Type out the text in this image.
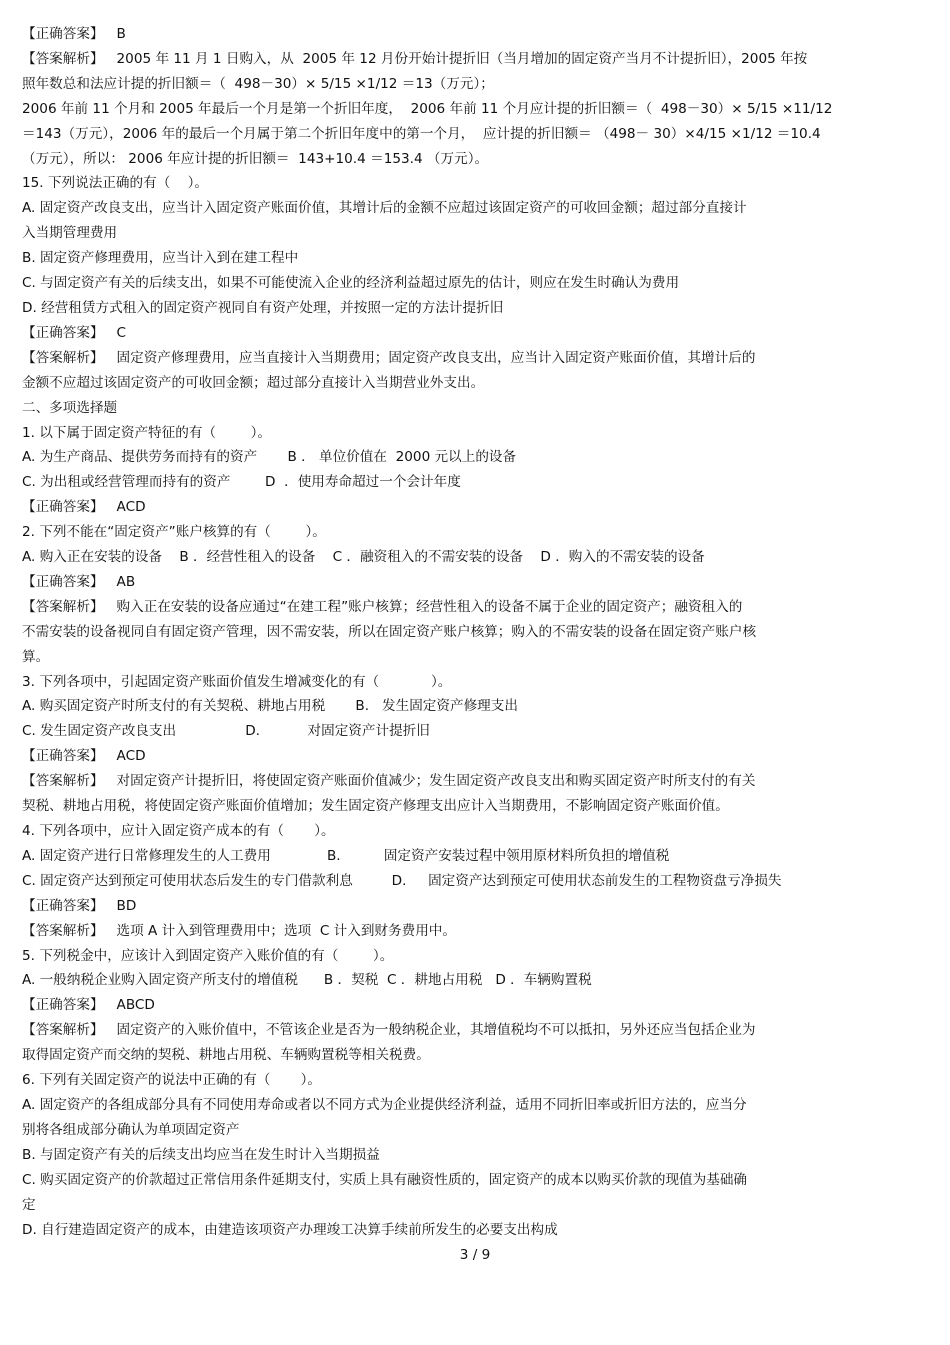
【正确答案】   B
【答案解析】   2005 年 11 月 1 日购入，从  2005 年 12 月份开始计提折旧（当月增加的固定资产当月不计提折旧），2005 年按
照年数总和法应计提的折旧额＝（  498－30）× 5/15 ×1/12 ＝13（万元）；
2006 年前 11 个月和 2005 年最后一个月是第一个折旧年度，  2006 年前 11 个月应计提的折旧额＝（  498－30）× 5/15 ×11/12
＝143（万元），2006 年的最后一个月属于第二个折旧年度中的第一个月，  应计提的折旧额＝ （498－ 30）×4/15 ×1/12 ＝10.4
（万元），所以： 2006 年应计提的折旧额＝  143+10.4 ＝153.4 （万元）。
15. 下列说法正确的有（    ）。
A. 固定资产改良支出，应当计入固定资产账面价值，其增计后的金额不应超过该固定资产的可收回金额；超过部分直接计
入当期管理费用
B. 固定资产修理费用，应当计入到在建工程中
C. 与固定资产有关的后续支出，如果不可能使流入企业的经济利益超过原先的估计，则应在发生时确认为费用
D. 经营租赁方式租入的固定资产视同自有资产处理，并按照一定的方法计提折旧
【正确答案】   C
【答案解析】   固定资产修理费用，应当直接计入当期费用；固定资产改良支出，应当计入固定资产账面价值，其增计后的
金额不应超过该固定资产的可收回金额；超过部分直接计入当期营业外支出。
二、多项选择题
1. 以下属于固定资产特征的有（        ）。
A. 为生产商品、提供劳务而持有的资产       B ． 单位价值在  2000 元以上的设备
C. 为出租或经营管理而持有的资产        D  ．使用寿命超过一个会计年度
【正确答案】   ACD
2. 下列不能在“固定资产”账户核算的有（        ）。
A. 购入正在安装的设备    B ．经营性租入的设备    C ．融资租入的不需安装的设备    D ．购入的不需安装的设备
【正确答案】   AB
【答案解析】   购入正在安装的设备应通过“在建工程”账户核算；经营性租入的设备不属于企业的固定资产；融资租入的
不需安装的设备视同自有固定资产管理，因不需安装，所以在固定资产账户核算；购入的不需安装的设备在固定资产账户核
算。
3. 下列各项中，引起固定资产账面价值发生增减变化的有（            ）。
A. 购买固定资产时所支付的有关契税、耕地占用税       B.   发生固定资产修理支出
C. 发生固定资产改良支出                D.           对固定资产计提折旧
【正确答案】   ACD
【答案解析】   对固定资产计提折旧，将使固定资产账面价值减少；发生固定资产改良支出和购买固定资产时所支付的有关
契税、耕地占用税，将使固定资产账面价值增加；发生固定资产修理支出应计入当期费用，不影响固定资产账面价值。
4. 下列各项中，应计入固定资产成本的有（       ）。
A. 固定资产进行日常修理发生的人工费用             B.          固定资产安装过程中领用原材料所负担的增值税
C. 固定资产达到预定可使用状态后发生的专门借款利息         D.     固定资产达到预定可使用状态前发生的工程物资盘亏净损失
【正确答案】   BD
【答案解析】   选项 A 计入到管理费用中；选项  C 计入到财务费用中。
5. 下列税金中，应该计入到固定资产入账价值的有（        ）。
A. 一般纳税企业购入固定资产所支付的增值税      B ．契税  C ．耕地占用税   D ．车辆购置税
【正确答案】   ABCD
【答案解析】   固定资产的入账价值中，不管该企业是否为一般纳税企业，其增值税均不可以抵扣，另外还应当包括企业为
取得固定资产而交纳的契税、耕地占用税、车辆购置税等相关税费。
6. 下列有关固定资产的说法中正确的有（       ）。
A. 固定资产的各组成部分具有不同使用寿命或者以不同方式为企业提供经济利益，适用不同折旧率或折旧方法的，应当分
别将各组成部分确认为单项固定资产
B. 与固定资产有关的后续支出均应当在发生时计入当期损益
C. 购买固定资产的价款超过正常信用条件延期支付，实质上具有融资性质的，固定资产的成本以购买价款的现值为基础确
定
D. 自行建造固定资产的成本，由建造该项资产办理竣工决算手续前所发生的必要支出构成
3 / 9
